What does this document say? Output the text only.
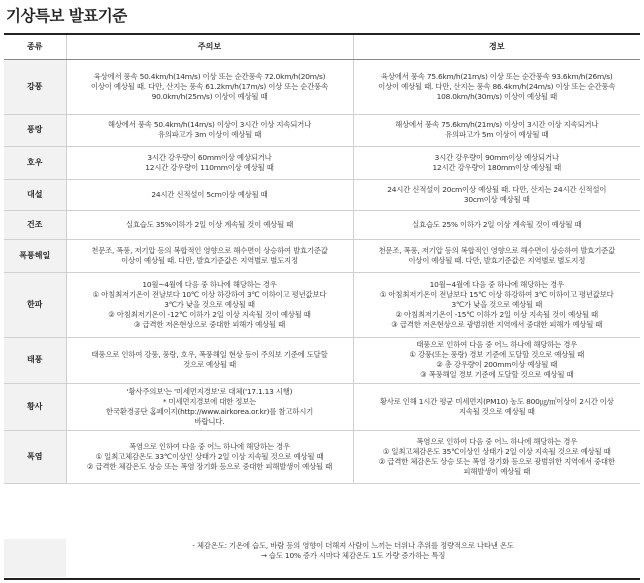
기상특보 발표기준
종류	주의보	경보
강풍	육상에서 풍속 50.4km/h(14m/s) 이상 또는 순간풍속 72.0km/h(20m/s)
이상이 예상될 때. 다만, 산지는 풍속 61.2km/h(17m/s) 이상 또는 순간풍속
90.0km/h(25m/s) 이상이 예상될 때	육상에서 풍속 75.6km/h(21m/s) 이상 또는 순간풍속 93.6km/h(26m/s)
이상이 예상될 때. 다만, 산지는 풍속 86.4km/h(24m/s) 이상 또는 순간풍속
108.0km/h(30m/s) 이상이 예상될 때

풍랑	해상에서 풍속 50.4km/h(14m/s) 이상이 3시간 이상 지속되거나
유의파고가 3m 이상이 예상될 때	해상에서 풍속 75.6km/h(21m/s) 이상이 3시간 이상 지속되거나
유의파고가 5m 이상이 예상될 때

호우	3시간 강우량이 60mm이상 예상되거나
12시간 강우량이 110mm이상 예상될 때	3시간 강우량이 90mm이상 예상되거나
12시간 강우량이 180mm이상 예상될 때

대설	24시간 신적설이 5cm이상 예상될 때	24시간 신적설이 20cm이상 예상될 때. 다만, 산지는 24시간 신적설이
30cm이상 예상될 때

건조	실효습도 35%이하가 2일 이상 계속될 것이 예상될 때	실효습도 25% 이하가 2일 이상 계속될 것이 예상될 때

폭풍해일	천문조, 폭풍, 저기압 등의 복합적인 영향으로 해수면이 상승하여 발효기준값
이상이 예상될 때. 다만, 발효기준값은 지역별로 별도지정	천문조, 폭풍, 저기압 등의 복합적인 영향으로 해수면이 상승하여 발효기준값
이상이 예상될 때. 다만, 발효기준값은 지역별로 별도지정

한파	10월~4월에 다음 중 하나에 해당하는 경우
① 아침최저기온이 전날보다 10℃ 이상 하강하여 3℃ 이하이고 평년값보다
3℃가 낮을 것으로 예상될 때
② 아침최저기온이 -12℃ 이하가 2일 이상 지속될 것이 예상될 때
③ 급격한 저온현상으로 중대한 피해가 예상될 때	10월~4월에 다음 중 하나에 해당하는 경우
① 아침최저기온이 전날보다 15℃ 이상 하강하여 3℃ 이하이고 평년값보다
3℃가 낮을 것으로 예상될 때
② 아침최저기온이 -15℃ 이하가 2일 이상 지속될 것이 예상될 때
③ 급격한 저온현상으로 광범위한 지역에서 중대한 피해가 예상될 때

태풍	태풍으로 인하여 강풍, 풍랑, 호우, 폭풍해일 현상 등이 주의보 기준에 도달할
것으로 예상될 때	태풍으로 인하여 다음 중 어느 하나에 해당하는 경우
① 강풍(또는 풍랑) 경보 기준에 도달할 것으로 예상될 때
② 총 강우량이 200mm이상 예상될 때
③ 폭풍해일 경보 기준에 도달할 것으로 예상될 때

황사	'황사주의보'는 '미세먼지경보'로 대체('17.1.13 시행)
* 미세먼지경보에 대한 정보는
한국환경공단 홈페이지(http://www.airkorea.or.kr)를 참고하시기
바랍니다.	황사로 인해 1시간 평균 미세먼지(PM10) 농도 800㎍/㎥이상이 2시간 이상
지속될 것으로 예상될 때

폭염	폭염으로 인하여 다음 중 어느 하나에 해당하는 경우
① 일최고체감온도 33℃이상인 상태가 2일 이상 지속될 것으로 예상될 때
② 급격한 체감온도 상승 또는 폭염 장기화 등으로 중대한 피해발생이 예상될 때	폭염으로 인하여 다음 중 어느 하나에 해당하는 경우
① 일최고체감온도 35℃이상인 상태가 2일 이상 지속될 것으로 예상될 때
② 급격한 체감온도 상승 또는 폭염 장기화 등으로 광범위한 지역에서 중대한
피해발생이 예상될 때
- 체감온도: 기온에 습도, 바람 등의 영향이 더해져 사람이 느끼는 더위나 추위를 정량적으로 나타낸 온도
→ 습도 10% 증가 시마다 체감온도 1도 가량 증가하는 특징
